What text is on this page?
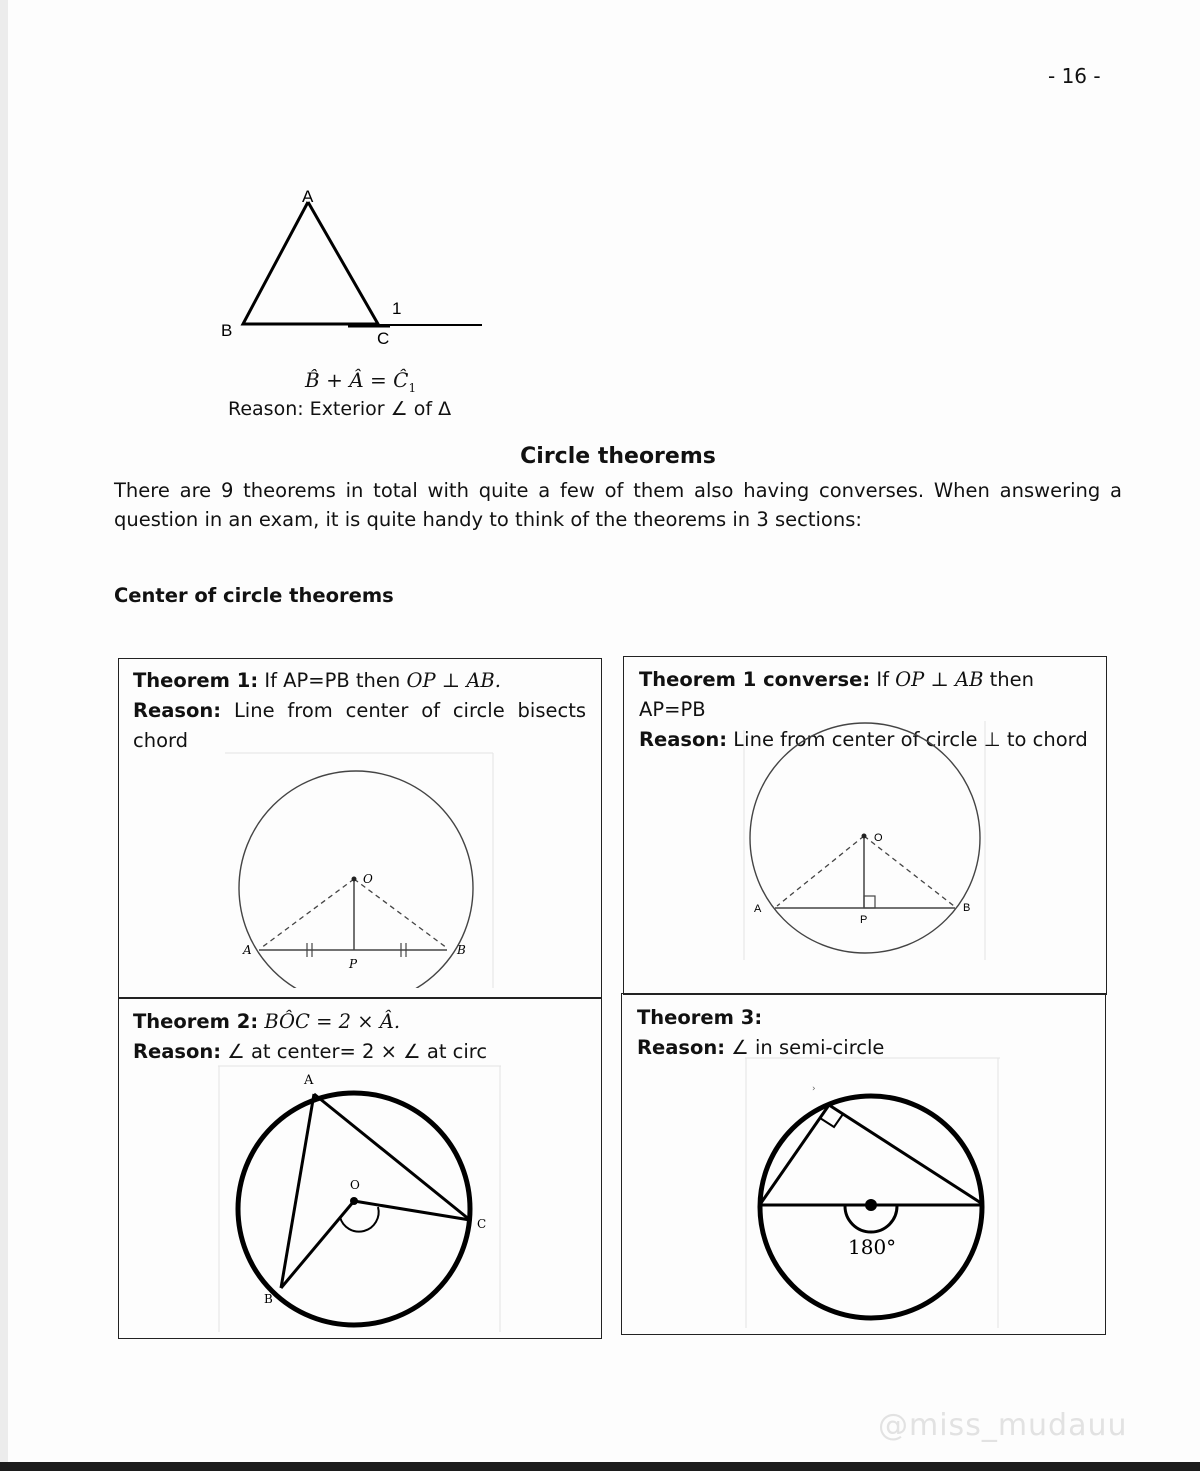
- 16 -
A
B	C
1
B̂ + Â = $Ĉ_1$
Reason: Exterior ∠ of Δ
Circle theorems
There are 9 theorems in total with quite a few of them also having converses. When answering a question in an exam, it is quite handy to think of the theorems in 3 sections:
Center of circle theorems
Theorem 1: If AP=PB then OP ⊥ AB.
Reason: Line from center of circle bisects chord
O
A	B
P
Theorem 1 converse: If OP ⊥ AB then AP=PB
Reason: Line from center of circle ⊥ to chord
O
A	B
P
Theorem 2: BÔC = 2 × Â.
Reason: ∠ at center= 2 × ∠ at circ
A
O
C
B
Theorem 3:
Reason: ∠ in semi-circle
›
180°
@miss_mudauu
